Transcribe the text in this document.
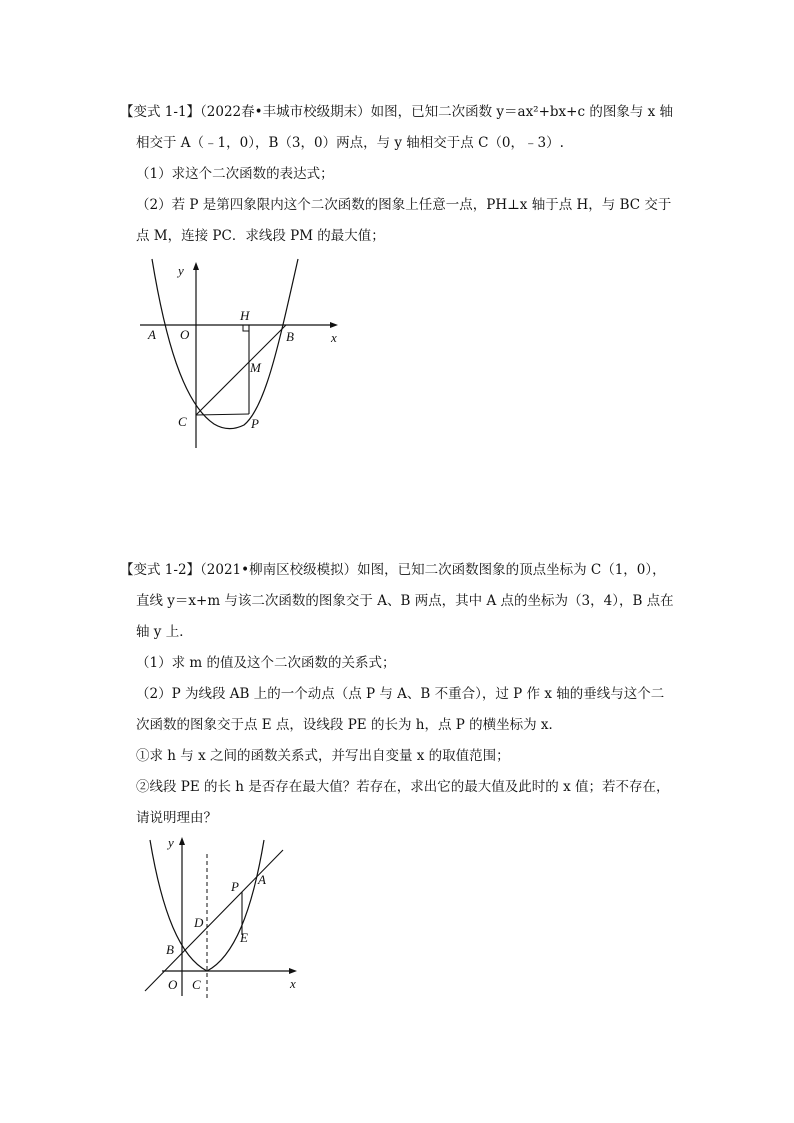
【变式 1-1】（2022春•丰城市校级期末）如图，已知二次函数 y＝ax²+bx+c 的图象与 x 轴
相交于 A（﹣1，0），B（3，0）两点，与 y 轴相交于点 C（0，﹣3）.
（1）求这个二次函数的表达式；
（2）若 P 是第四象限内这个二次函数的图象上任意一点，PH⊥x 轴于点 H，与 BC 交于
点 M，连接 PC．求线段 PM 的最大值；
y
x
A O
H
B
M
C	P
【变式 1-2】（2021•柳南区校级模拟）如图，已知二次函数图象的顶点坐标为 C（1，0），
直线 y＝x+m 与该二次函数的图象交于 A、B 两点，其中 A 点的坐标为（3，4），B 点在
轴 y 上．
（1）求 m 的值及这个二次函数的关系式；
（2）P 为线段 AB 上的一个动点（点 P 与 A、B 不重合），过 P 作 x 轴的垂线与这个二
次函数的图象交于点 E 点，设线段 PE 的长为 h，点 P 的横坐标为 x．
①求 h 与 x 之间的函数关系式，并写出自变量 x 的取值范围；
②线段 PE 的长 h 是否存在最大值？若存在，求出它的最大值及此时的 x 值；若不存在，
请说明理由？
y
x
P A
D
E
B
O C
